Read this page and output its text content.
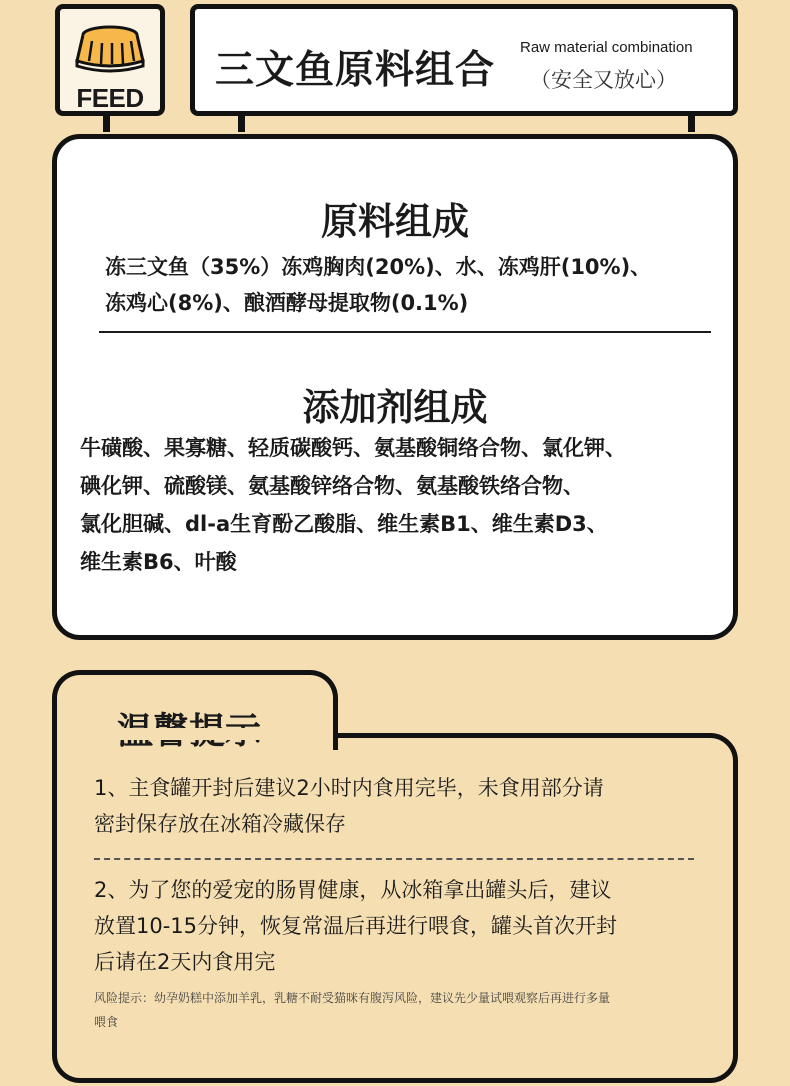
FEED
三文鱼原料组合
Raw material combination
（安全又放心）
原料组成
冻三文鱼（35%）冻鸡胸肉(20%)、水、冻鸡肝(10%)、
冻鸡心(8%)、酿酒酵母提取物(0.1%)
添加剂组成
牛磺酸、果寡糖、轻质碳酸钙、氨基酸铜络合物、氯化钾、
碘化钾、硫酸镁、氨基酸锌络合物、氨基酸铁络合物、
氯化胆碱、dl-a生育酚乙酸脂、维生素B1、维生素D3、
维生素B6、叶酸
1、主食罐开封后建议2小时内食用完毕，未食用部分请
密封保存放在冰箱冷藏保存
2、为了您的爱宠的肠胃健康，从冰箱拿出罐头后，建议
放置10-15分钟，恢复常温后再进行喂食，罐头首次开封
后请在2天内食用完
风险提示：幼孕奶糕中添加羊乳，乳糖不耐受猫咪有腹泻风险，建议先少量试喂观察后再进行多量
喂食
